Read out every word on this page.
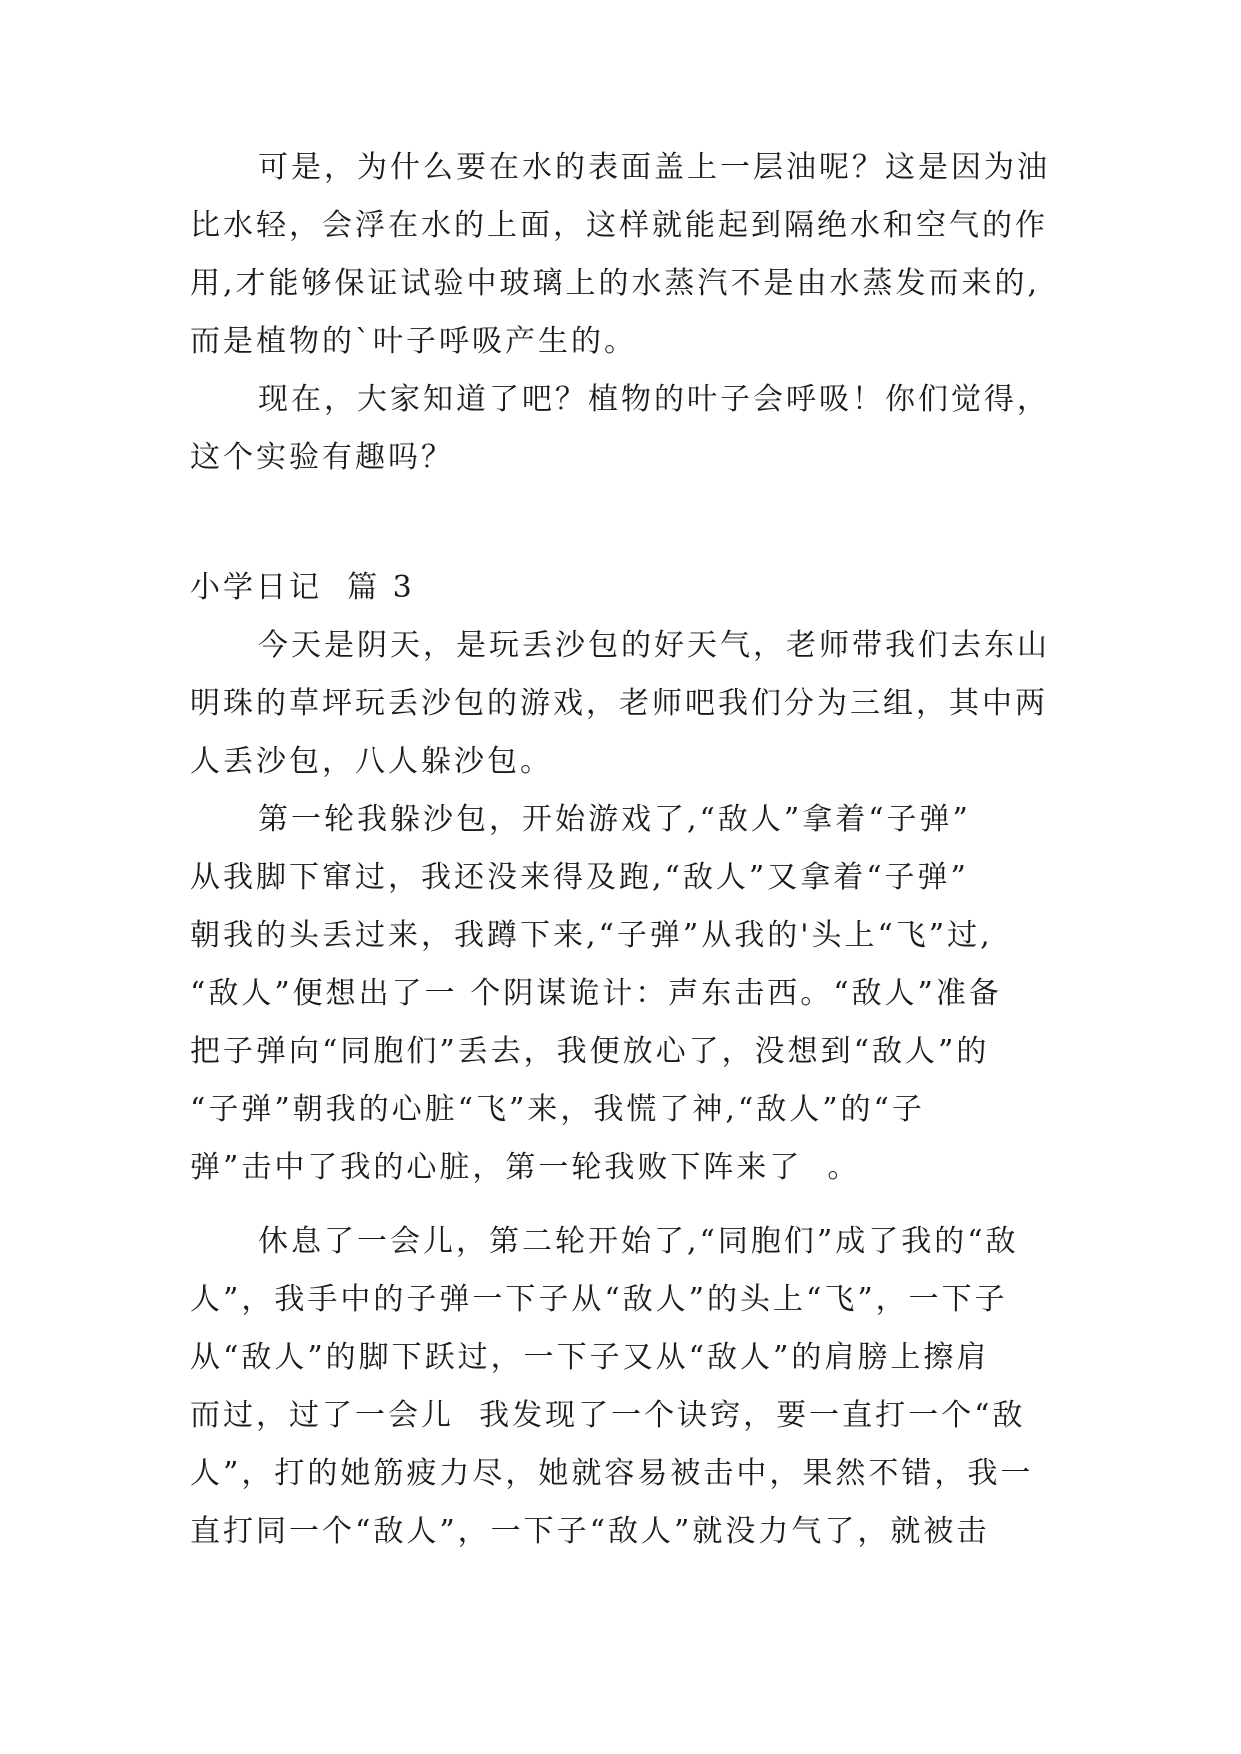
可是，为什么要在水的表面盖上一层油呢？这是因为油
比水轻，会浮在水的上面，这样就能起到隔绝水和空气的作
用,才能够保证试验中玻璃上的水蒸汽不是由水蒸发而来的,
而是植物的`叶子呼吸产生的。
现在，大家知道了吧？植物的叶子会呼吸！你们觉得，
这个实验有趣吗？
小学日记  篇 3
今天是阴天，是玩丢沙包的好天气，老师带我们去东山
明珠的草坪玩丢沙包的游戏，老师吧我们分为三组，其中两
人丢沙包，八人躲沙包。
第一轮我躲沙包，开始游戏了,“敌人”拿着“子弹”
从我脚下窜过，我还没来得及跑,“敌人”又拿着“子弹”
朝我的头丢过来，我蹲下来,“子弹”从我的'头上“飞”过,
“敌人”便想出了一 个阴谋诡计：声东击西。“敌人”准备
把子弹向“同胞们”丢去，我便放心了，没想到“敌人”的
“子弹”朝我的心脏“飞”来，我慌了神,“敌人”的“子
弹”击中了我的心脏，第一轮我败下阵来了  。
休息了一会儿，第二轮开始了,“同胞们”成了我的“敌
人”，我手中的子弹一下子从“敌人”的头上“飞”，一下子
从“敌人”的脚下跃过，一下子又从“敌人”的肩膀上擦肩
而过，过了一会儿  我发现了一个诀窍，要一直打一个“敌
人”，打的她筋疲力尽，她就容易被击中，果然不错，我一
直打同一个“敌人”，一下子“敌人”就没力气了，就被击
